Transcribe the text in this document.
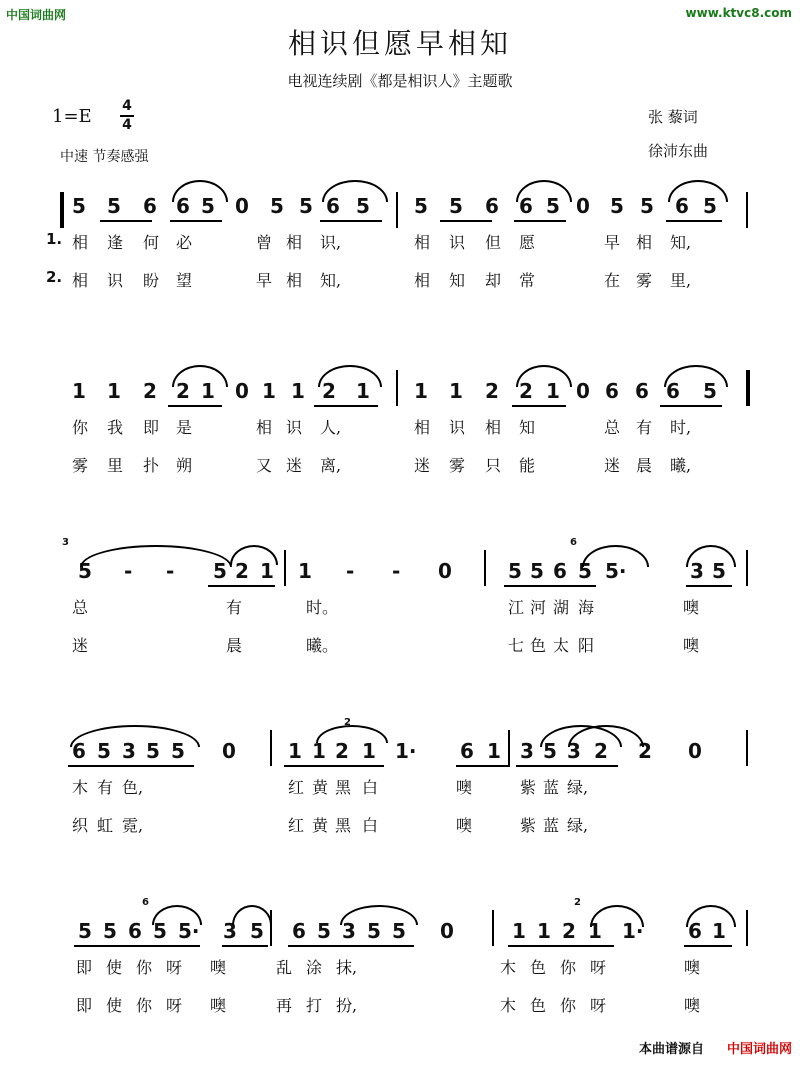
中国词曲网	www.ktvc8.com
相识但愿早相知
电视连续剧《都是相识人》主题歌
1=E 4
4
中速 节奏感强
张 藜词
徐沛东曲
5 5 6 6 5 0 5 5 6 5 5 5 6 6 5 0 5 5 6 5
1. 相 逢 何 必	曾 相 识,	相 识 但 愿	早 相 知,
2. 相 识 盼 望	早 相 知,	相 知 却 常	在 雾 里,
1 1 2 2 1 0 1 1 2 1 1 1 2 2 1 0 6 6 6 5
你 我 即 是	相 识 人,	相 识 相 知	总 有 时,
雾 里 扑 朔	又 迷 离,	迷 雾 只 能	迷 晨 曦,
5 - - 5 2 1 1 - - 0	5 5 6 5 5·	3 5
3	6
总	有	时。	江 河 湖 海	噢
迷	晨	曦。	七 色 太 阳	噢
6 5 3 5 5 0	1 1 2 1 1· 6 1 3 5 3 2 2 0
2
木 有 色,	红 黄 黑 白	噢	紫 蓝 绿,
织 虹 霓,	红 黄 黑 白	噢	紫 蓝 绿,
5 5 6 5 5· 3 5 6 5 3 5 5 0	1 1 2 1 1· 6 1
6	2
即 使 你 呀 噢	乱 涂 抹,	木 色 你 呀	噢
即 使 你 呀 噢	再 打 扮,	木 色 你 呀	噢
本曲谱源自 中国词曲网
